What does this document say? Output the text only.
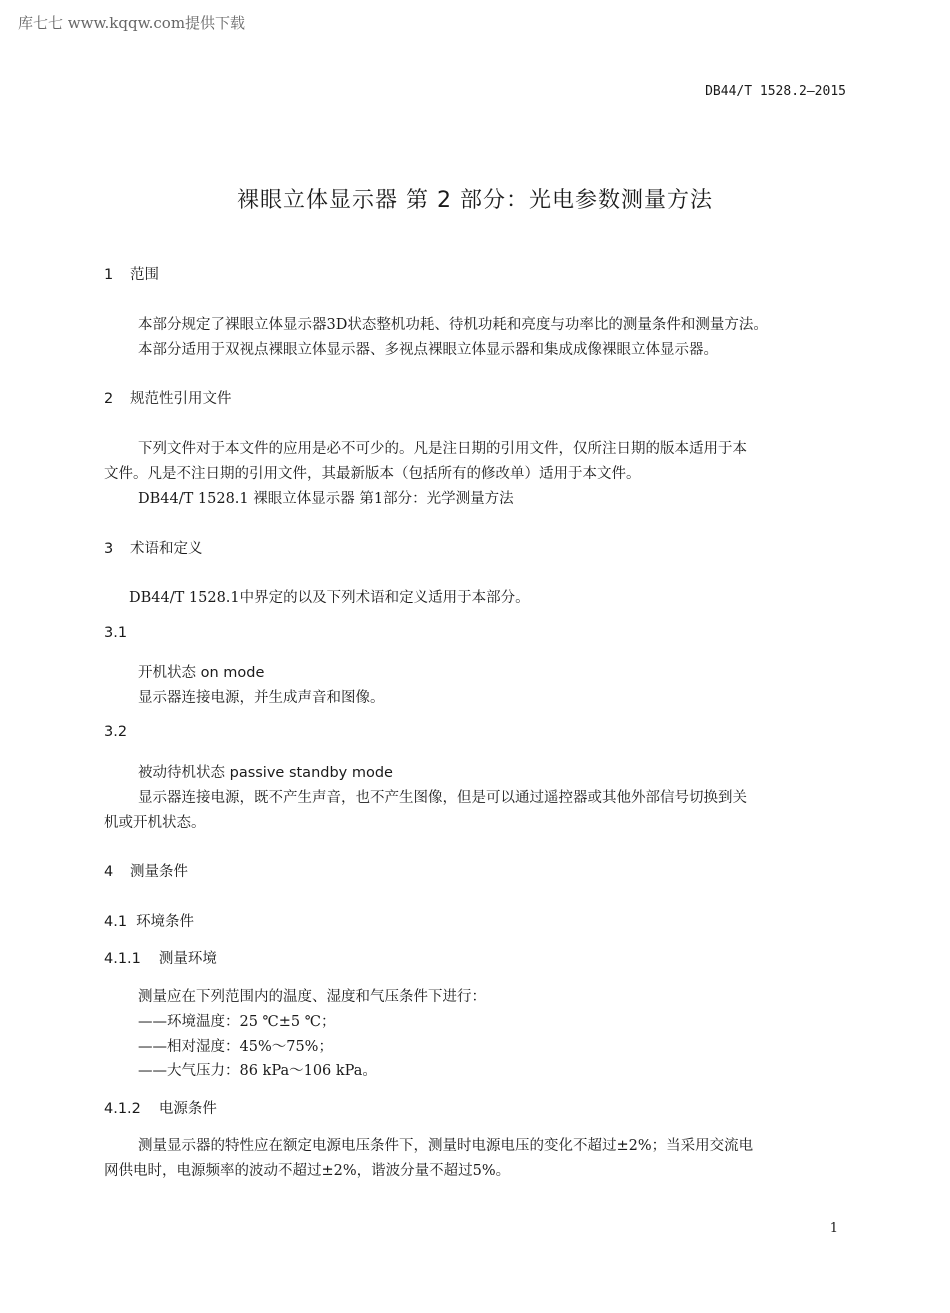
库七七 www.kqqw.com提供下载
DB44/T 1528.2—2015
裸眼立体显示器 第 2 部分：光电参数测量方法
1 范围
本部分规定了裸眼立体显示器3D状态整机功耗、待机功耗和亮度与功率比的测量条件和测量方法。
本部分适用于双视点裸眼立体显示器、多视点裸眼立体显示器和集成成像裸眼立体显示器。
2 规范性引用文件
下列文件对于本文件的应用是必不可少的。凡是注日期的引用文件，仅所注日期的版本适用于本
文件。凡是不注日期的引用文件，其最新版本（包括所有的修改单）适用于本文件。
DB44/T 1528.1 裸眼立体显示器 第1部分：光学测量方法
3 术语和定义
DB44/T 1528.1中界定的以及下列术语和定义适用于本部分。
3.1
开机状态 on mode
显示器连接电源，并生成声音和图像。
3.2
被动待机状态 passive standby mode
显示器连接电源，既不产生声音，也不产生图像，但是可以通过遥控器或其他外部信号切换到关
机或开机状态。
4 测量条件
4.1 环境条件
4.1.1 测量环境
测量应在下列范围内的温度、湿度和气压条件下进行：
——环境温度：25 ℃±5 ℃；
——相对湿度：45%～75%；
——大气压力：86 kPa～106 kPa。
4.1.2 电源条件
测量显示器的特性应在额定电源电压条件下，测量时电源电压的变化不超过±2%；当采用交流电
网供电时，电源频率的波动不超过±2%，谐波分量不超过5%。
1
